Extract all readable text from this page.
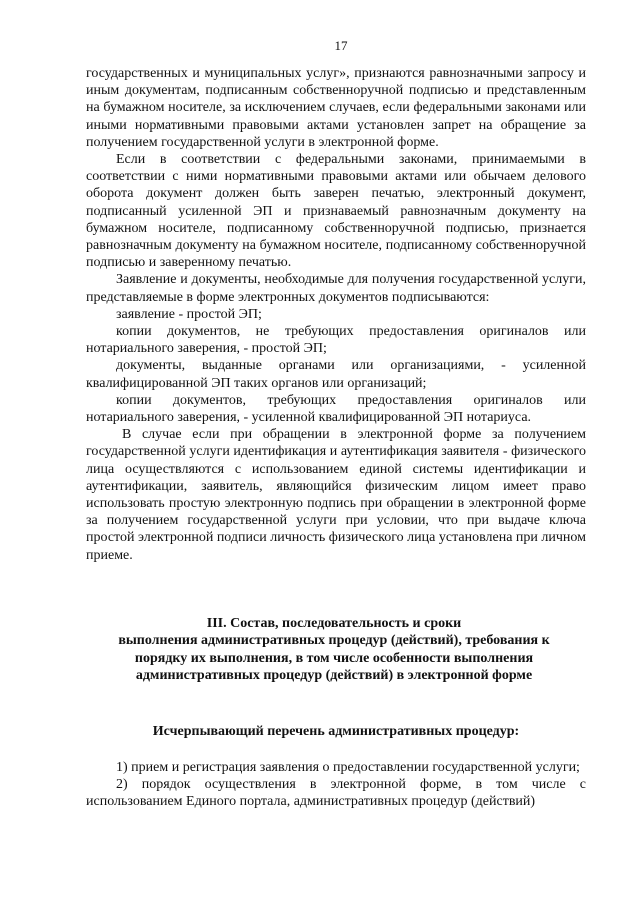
17

государственных и муниципальных услуг», признаются равнозначными запросу и иным документам, подписанным собственноручной подписью и представленным на бумажном носителе, за исключением случаев, если федеральными законами или иными нормативными правовыми актами установлен запрет на обращение за получением государственной услуги в электронной форме.

Если в соответствии с федеральными законами, принимаемыми в соответствии с ними нормативными правовыми актами или обычаем делового оборота документ должен быть заверен печатью, электронный документ, подписанный усиленной ЭП и признаваемый равнозначным документу на бумажном носителе, подписанному собственноручной подписью, признается равнозначным документу на бумажном носителе, подписанному собственноручной подписью и заверенному печатью.

Заявление и документы, необходимые для получения государственной услуги, представляемые в форме электронных документов подписываются:

заявление - простой ЭП;

копии документов, не требующих предоставления оригиналов или нотариального заверения, - простой ЭП;

документы, выданные органами или организациями, - усиленной квалифицированной ЭП таких органов или организаций;

копии документов, требующих предоставления оригиналов или нотариального заверения, - усиленной квалифицированной ЭП нотариуса.

В случае если при обращении в электронной форме за получением государственной услуги идентификация и аутентификация заявителя - физического лица осуществляются с использованием единой системы идентификации и аутентификации, заявитель, являющийся физическим лицом имеет право использовать простую электронную подпись при обращении в электронной форме за получением государственной услуги при условии, что при выдаче ключа простой электронной подписи личность физического лица установлена при личном приеме.

III. Состав, последовательность и сроки
выполнения административных процедур (действий), требования к
порядку их выполнения, в том числе особенности выполнения
административных процедур (действий) в электронной форме
Исчерпывающий перечень административных процедур:

1) прием и регистрация заявления о предоставлении государственной услуги;

2) порядок осуществления в электронной форме, в том числе с использованием Единого портала, административных процедур (действий)
